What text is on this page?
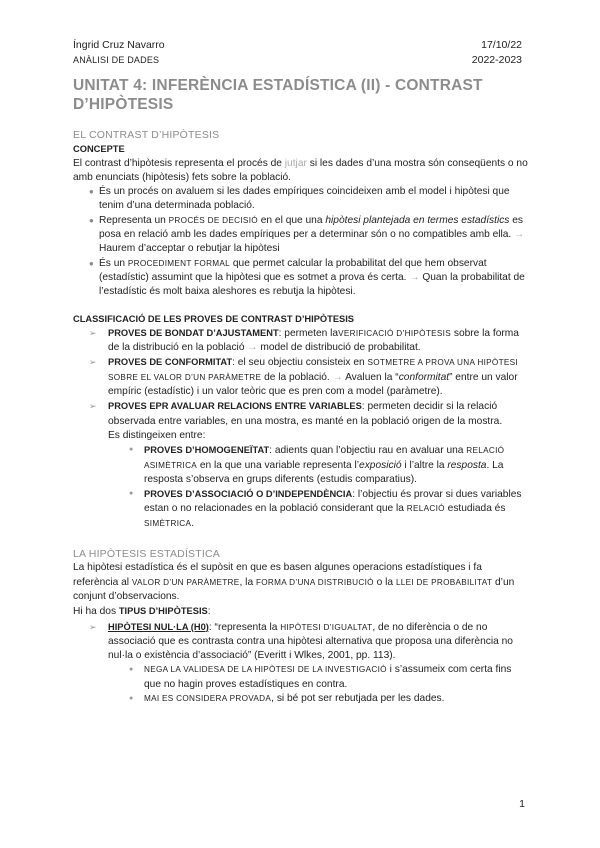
Íngrid Cruz Navarro
ANÀLISI DE DADES
17/10/22
2022-2023
UNITAT 4: INFERÈNCIA ESTADÍSTICA (II) - CONTRAST D’HIPÒTESIS

EL CONTRAST D’HIPÒTESIS

CONCEPTE

El contrast d’hipòtesis representa el procés de jutjar si les dades d’una mostra són conseqüents o no amb enunciats (hipòtesis) fets sobre la població.

● És un procés on avaluem si les dades empíriques coincideixen amb el model i hipòtesi que tenim d’una determinada població.
● Representa un PROCÉS DE DECISIÓ en el que una hipòtesi plantejada en termes estadístics es posa en relació amb les dades empíriques per a determinar són o no compatibles amb ella. → Haurem d’acceptar o rebutjar la hipòtesi
● És un PROCEDIMENT FORMAL que permet calcular la probabilitat del que hem observat (estadístic) assumint que la hipòtesi que es sotmet a prova és certa. → Quan la probabilitat de l’estadístic és molt baixa aleshores es rebutja la hipòtesi.

CLASSIFICACIÓ DE LES PROVES DE CONTRAST D’HIPÒTESIS

➢ PROVES DE BONDAT D’AJUSTAMENT: permeten laVERIFICACIÓ D’HIPÒTESIS sobre la forma de la distribució en la població → model de distribució de probabilitat.
➢ PROVES DE CONFORMITAT: el seu objectiu consisteix en SOTMETRE A PROVA UNA HIPÒTESI SOBRE EL VALOR D’UN PARÀMETRE de la població. → Avaluen la “conformitat” entre un valor empíric (estadístic) i un valor teòric que es pren com a model (paràmetre).
➢ PROVES EPR AVALUAR RELACIONS ENTRE VARIABLES: permeten decidir si la relació observada entre variables, en una mostra, es manté en la població origen de la mostra.

Es distingeixen entre:

● PROVES D’HOMOGENEÏTAT: adients quan l’objectiu rau en avaluar una RELACIÓ ASIMÈTRICA en la que una variable representa l’exposició i l’altre la resposta. La resposta s’observa en grups diferents (estudis comparatius).
● PROVES D’ASSOCIACIÓ O D’INDEPENDÈNCIA: l’objectiu és provar si dues variables estan o no relacionades en la població considerant que la RELACIÓ estudiada és SIMÈTRICA.

LA HIPÒTESIS ESTADÍSTICA

La hipòtesi estadística és el supòsit en que es basen algunes operacions estadístiques i fa referència al VALOR D’UN PARÀMETRE, la FORMA D’UNA DISTRIBUCIÓ o la LLEI DE PROBABILITAT d’un conjunt d’observacions.

Hi ha dos TIPUS D’HIPÒTESIS:

➢ HIPÒTESI NUL·LA (H0): “representa la HIPÒTESI D’IGUALTAT, de no diferència o de no associació que es contrasta contra una hipòtesi alternativa que proposa una diferència no nul·la o existència d’associació” (Everitt i Wlkes, 2001, pp. 113).
● NEGA LA VALIDESA DE LA HIPÒTESI DE LA INVESTIGACIÓ i s’assumeix com certa fins que no hagin proves estadístiques en contra.
● MAI ES CONSIDERA PROVADA, si bé pot ser rebutjada per les dades.
1
